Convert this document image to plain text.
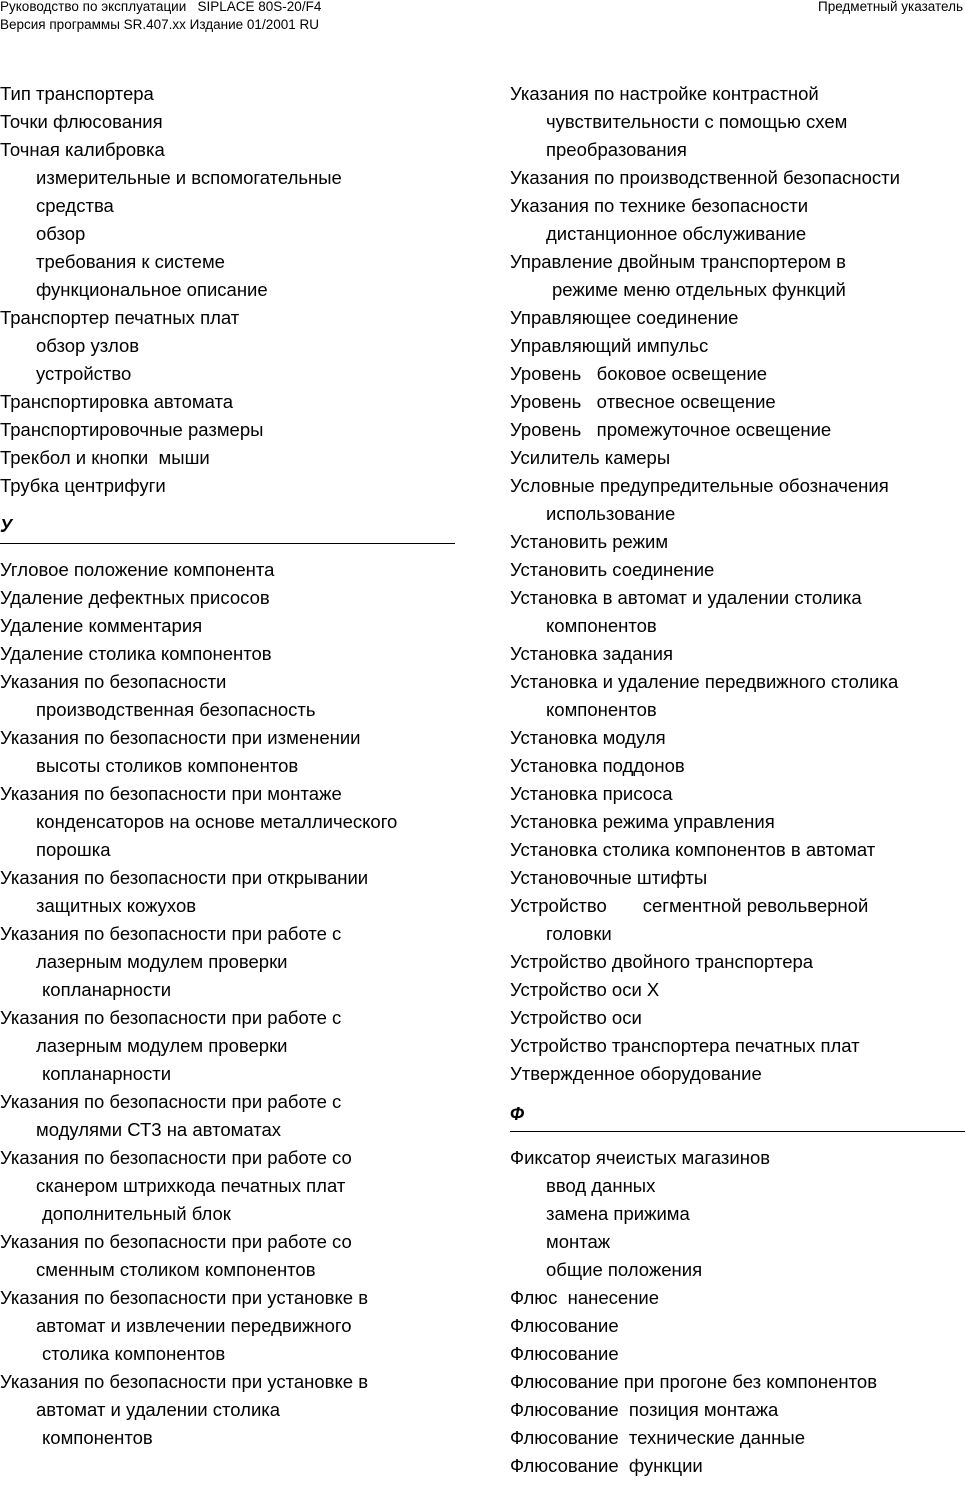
Руководство по эксплуатации   SIPLACE 80S-20/F4
Версия программы SR.407.xx Издание 01/2001 RU
Предметный указатель
Тип транспортера
Точки флюсования
Точная калибровка
измерительные и вспомогательные
средства
обзор
требования к системе
функциональное описание
Транспортер печатных плат
обзор узлов
устройство
Транспортировка автомата
Транспортировочные размеры
Трекбол и кнопки  мыши
Трубка центрифуги
У
Угловое положение компонента
Удаление дефектных присосов
Удаление комментария
Удаление столика компонентов
Указания по безопасности
производственная безопасность
Указания по безопасности при изменении
высоты столиков компонентов
Указания по безопасности при монтаже
конденсаторов на основе металлического
порошка
Указания по безопасности при открывании
защитных кожухов
Указания по безопасности при работе с
лазерным модулем проверки
копланарности
Указания по безопасности при работе с
лазерным модулем проверки
копланарности
Указания по безопасности при работе с
модулями СТ3 на автоматах
Указания по безопасности при работе со
сканером штрихкода печатных плат
дополнительный блок
Указания по безопасности при работе со
сменным столиком компонентов
Указания по безопасности при установке в
автомат и извлечении передвижного
столика компонентов
Указания по безопасности при установке в
автомат и удалении столика
компонентов
Указания по настройке контрастной
чувствительности с помощью схем
преобразования
Указания по производственной безопасности
Указания по технике безопасности
дистанционное обслуживание
Управление двойным транспортером в
режиме меню отдельных функций
Управляющее соединение
Управляющий импульс
Уровень   боковое освещение
Уровень   отвесное освещение
Уровень   промежуточное освещение
Усилитель камеры
Условные предупредительные обозначения
использование
Установить режим
Установить соединение
Установка в автомат и удалении столика
компонентов
Установка задания
Установка и удаление передвижного столика
компонентов
Установка модуля
Установка поддонов
Установка присоса
Установка режима управления
Установка столика компонентов в автомат
Установочные штифты
Устройство       сегментной револьверной
головки
Устройство двойного транспортера
Устройство оси X
Устройство оси
Устройство транспортера печатных плат
Утвержденное оборудование
Ф
Фиксатор ячеистых магазинов
ввод данных
замена прижима
монтаж
общие положения
Флюс  нанесение
Флюсование
Флюсование
Флюсование при прогоне без компонентов
Флюсование  позиция монтажа
Флюсование  технические данные
Флюсование  функции
